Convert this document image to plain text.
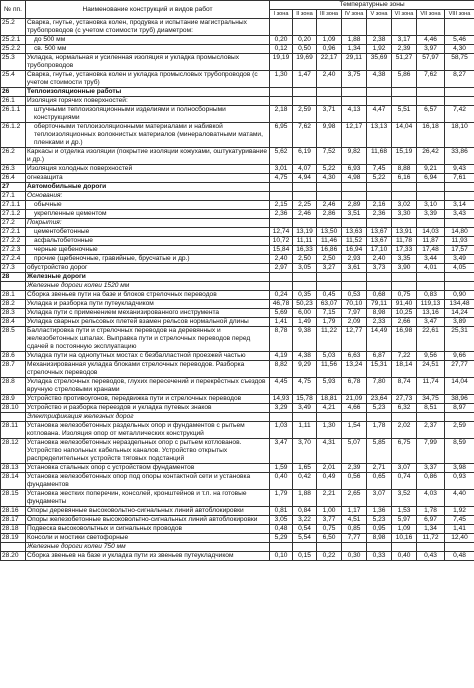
№ пп.	Наименование конструкций и видов работ	Температурные зоны							
		I зона	II зона	III зона	IV зона	V зона	VI зона	VII зона	VIII зона
25.2	Сварка, гнутье, установка колен, продувка и испытание магистральных трубопроводов (с учетом стоимости труб) диаметром:								
25.2.1	до 500 мм	0,20	0,20	1,09	1,88	2,38	3,17	4,46	5,46
25.2.2	св. 500 мм	0,12	0,50	0,96	1,34	1,92	2,39	3,97	4,30
25.3	Укладка, нормальная и усиленная изоляция и укладка промысловых трубопроводов	19,19	19,69	22,17	29,11	35,69	51,27	57,97	58,75
25.4	Сварка, гнутье, установка колен и укладка промысловых трубопроводов (с учетом стоимости труб)	1,30	1,47	2,40	3,75	4,38	5,86	7,62	8,27
26	Теплоизоляционные работы								
26.1	Изоляция горячих поверхностей:								
26.1.1	штучными теплоизоляционными изделиями и полносборными конструкциями	2,18	2,59	3,71	4,13	4,47	5,51	6,57	7,42
26.1.2	оберточными теплоизоляционными материалами и набивкой теплоизоляционных волокнистых материалов (минераловатными матами, пленками и др.)	6,95	7,62	9,98	12,17	13,13	14,04	16,18	18,10
26.2	Каркасы и отделка изоляции (покрытие изоляции кожухами, оштукатуривание и др.)	5,62	6,19	7,52	9,82	11,68	15,19	26,42	33,86
26.3	Изоляция холодных поверхностей	3,01	4,07	5,22	6,93	7,45	8,88	9,21	9,43
26.4	огнезащита	4,75	4,94	4,30	4,98	5,22	6,16	6,94	7,61
27	Автомобильные дороги								
27.1	Основания:								
27.1.1	обычные	2,15	2,25	2,46	2,89	2,16	3,02	3,10	3,14
27.1.2	укрепленные цементом	2,36	2,46	2,86	3,51	2,36	3,30	3,39	3,43
27.2	Покрытия:								
27.2.1	цементобетонные	12,74	13,19	13,50	13,63	13,67	13,91	14,03	14,80
27.2.2	асфальтобетонные	10,72	11,11	11,46	11,52	13,67	11,78	11,87	11,93
27.2.3	черные щебеночные	15,84	16,33	16,86	16,94	17,10	17,33	17,48	17,57
27.2.4	прочие (щебеночные, гравийные, брусчатые и др.)	2,40	2,50	2,50	2,93	2,40	3,35	3,44	3,49
27.3	обустройство дорог	2,97	3,05	3,27	3,61	3,73	3,90	4,01	4,05
28	Железные дороги								
	Железные дороги колеи 1520 мм								
28.1	Сборка звеньев пути на базе и блоков стрелочных переводов	0,24	0,35	0,45	0,53	0,68	0,75	0,83	0,90
28.2	Укладка и разборка пути путеукладчиком	46,78	50,23	63,07	70,10	79,11	91,40	119,13	134,48
28.3	Укладка пути с применением механизированного инструмента	5,69	6,00	7,15	7,97	8,98	10,25	13,16	14,24
28.4	Укладка сварных рельсовых плетей взамен рельсов нормальной длины	1,41	1,49	1,79	2,09	2,33	2,66	3,47	3,89
28.5	Балластировка пути и стрелочных переводов на деревянных и железобетонных шпалах. Выправка пути и стрелочных переводов перед сдачей в постоянную эксплуатацию	8,78	9,38	11,22	12,77	14,49	16,98	22,61	25,31
28.6	Укладка пути на однопутных мостах с безбалластной проезжей частью	4,19	4,38	5,03	6,63	6,87	7,22	9,56	9,66
28.7	Механизированная укладка блоками стрелочных переводов. Разборка стрелочных переводов	8,82	9,29	11,56	13,24	15,31	18,14	24,51	27,77
28.8	Укладка стрелочных переводов, глухих пересечений и перекрёстных съездов вручную стреловыми кранами	4,45	4,75	5,93	6,78	7,80	8,74	11,74	14,04
28.9	Устройство противоугонов, передвижка пути и стрелочных переводов	14,93	15,78	18,81	21,09	23,64	27,73	34,75	38,96
28.10	Устройство и разборка переездов и укладка путевых знаков	3,29	3,49	4,21	4,66	5,23	6,32	8,51	8,97
	Электрификация железных дорог								
28.11	Установка железобетонных раздельных опор и фундаментов с рытьем котлована. Изоляция опор от металлических конструкций	1,03	1,11	1,30	1,54	1,78	2,02	2,37	2,59
28.12	Установка железобетонных нераздельных опор с рытьем котлованов. Устройство напольных кабельных каналов. Устройство открытых распределительных устройств тяговых подстанций	3,47	3,70	4,31	5,07	5,85	6,75	7,99	8,59
28.13	Установка стальных опор с устройством фундаментов	1,59	1,65	2,01	2,39	2,71	3,07	3,37	3,98
28.14	Установка железобетонных опор под опоры контактной сети и установка фундаментов	0,40	0,42	0,49	0,56	0,65	0,74	0,86	0,93
28.15	Установка жестких поперечин, консолей, кронштейнов и т.п. на готовые фундаменты	1,79	1,88	2,21	2,65	3,07	3,52	4,03	4,40
28.16	Опоры деревянные высоковольтно-сигнальных линий автоблокировки	0,81	0,84	1,00	1,17	1,36	1,53	1,78	1,92
28.17	Опоры железобетонные высоковольтно-сигнальных линий автоблокировки	3,05	3,22	3,77	4,51	5,23	5,97	6,97	7,45
28.18	Подвеска высоковольтных и сигнальных проводов	0,48	0,54	0,75	0,85	0,95	1,09	1,34	1,41
28.19	Консоли и мостики светофорные	5,29	5,54	6,50	7,77	8,98	10,16	11,72	12,40
	Железные дороги колеи 750 мм								
28.20	Сборка звеньев на базе и укладка пути из звеньев путеукладчиком	0,10	0,15	0,22	0,30	0,33	0,40	0,43	0,48
